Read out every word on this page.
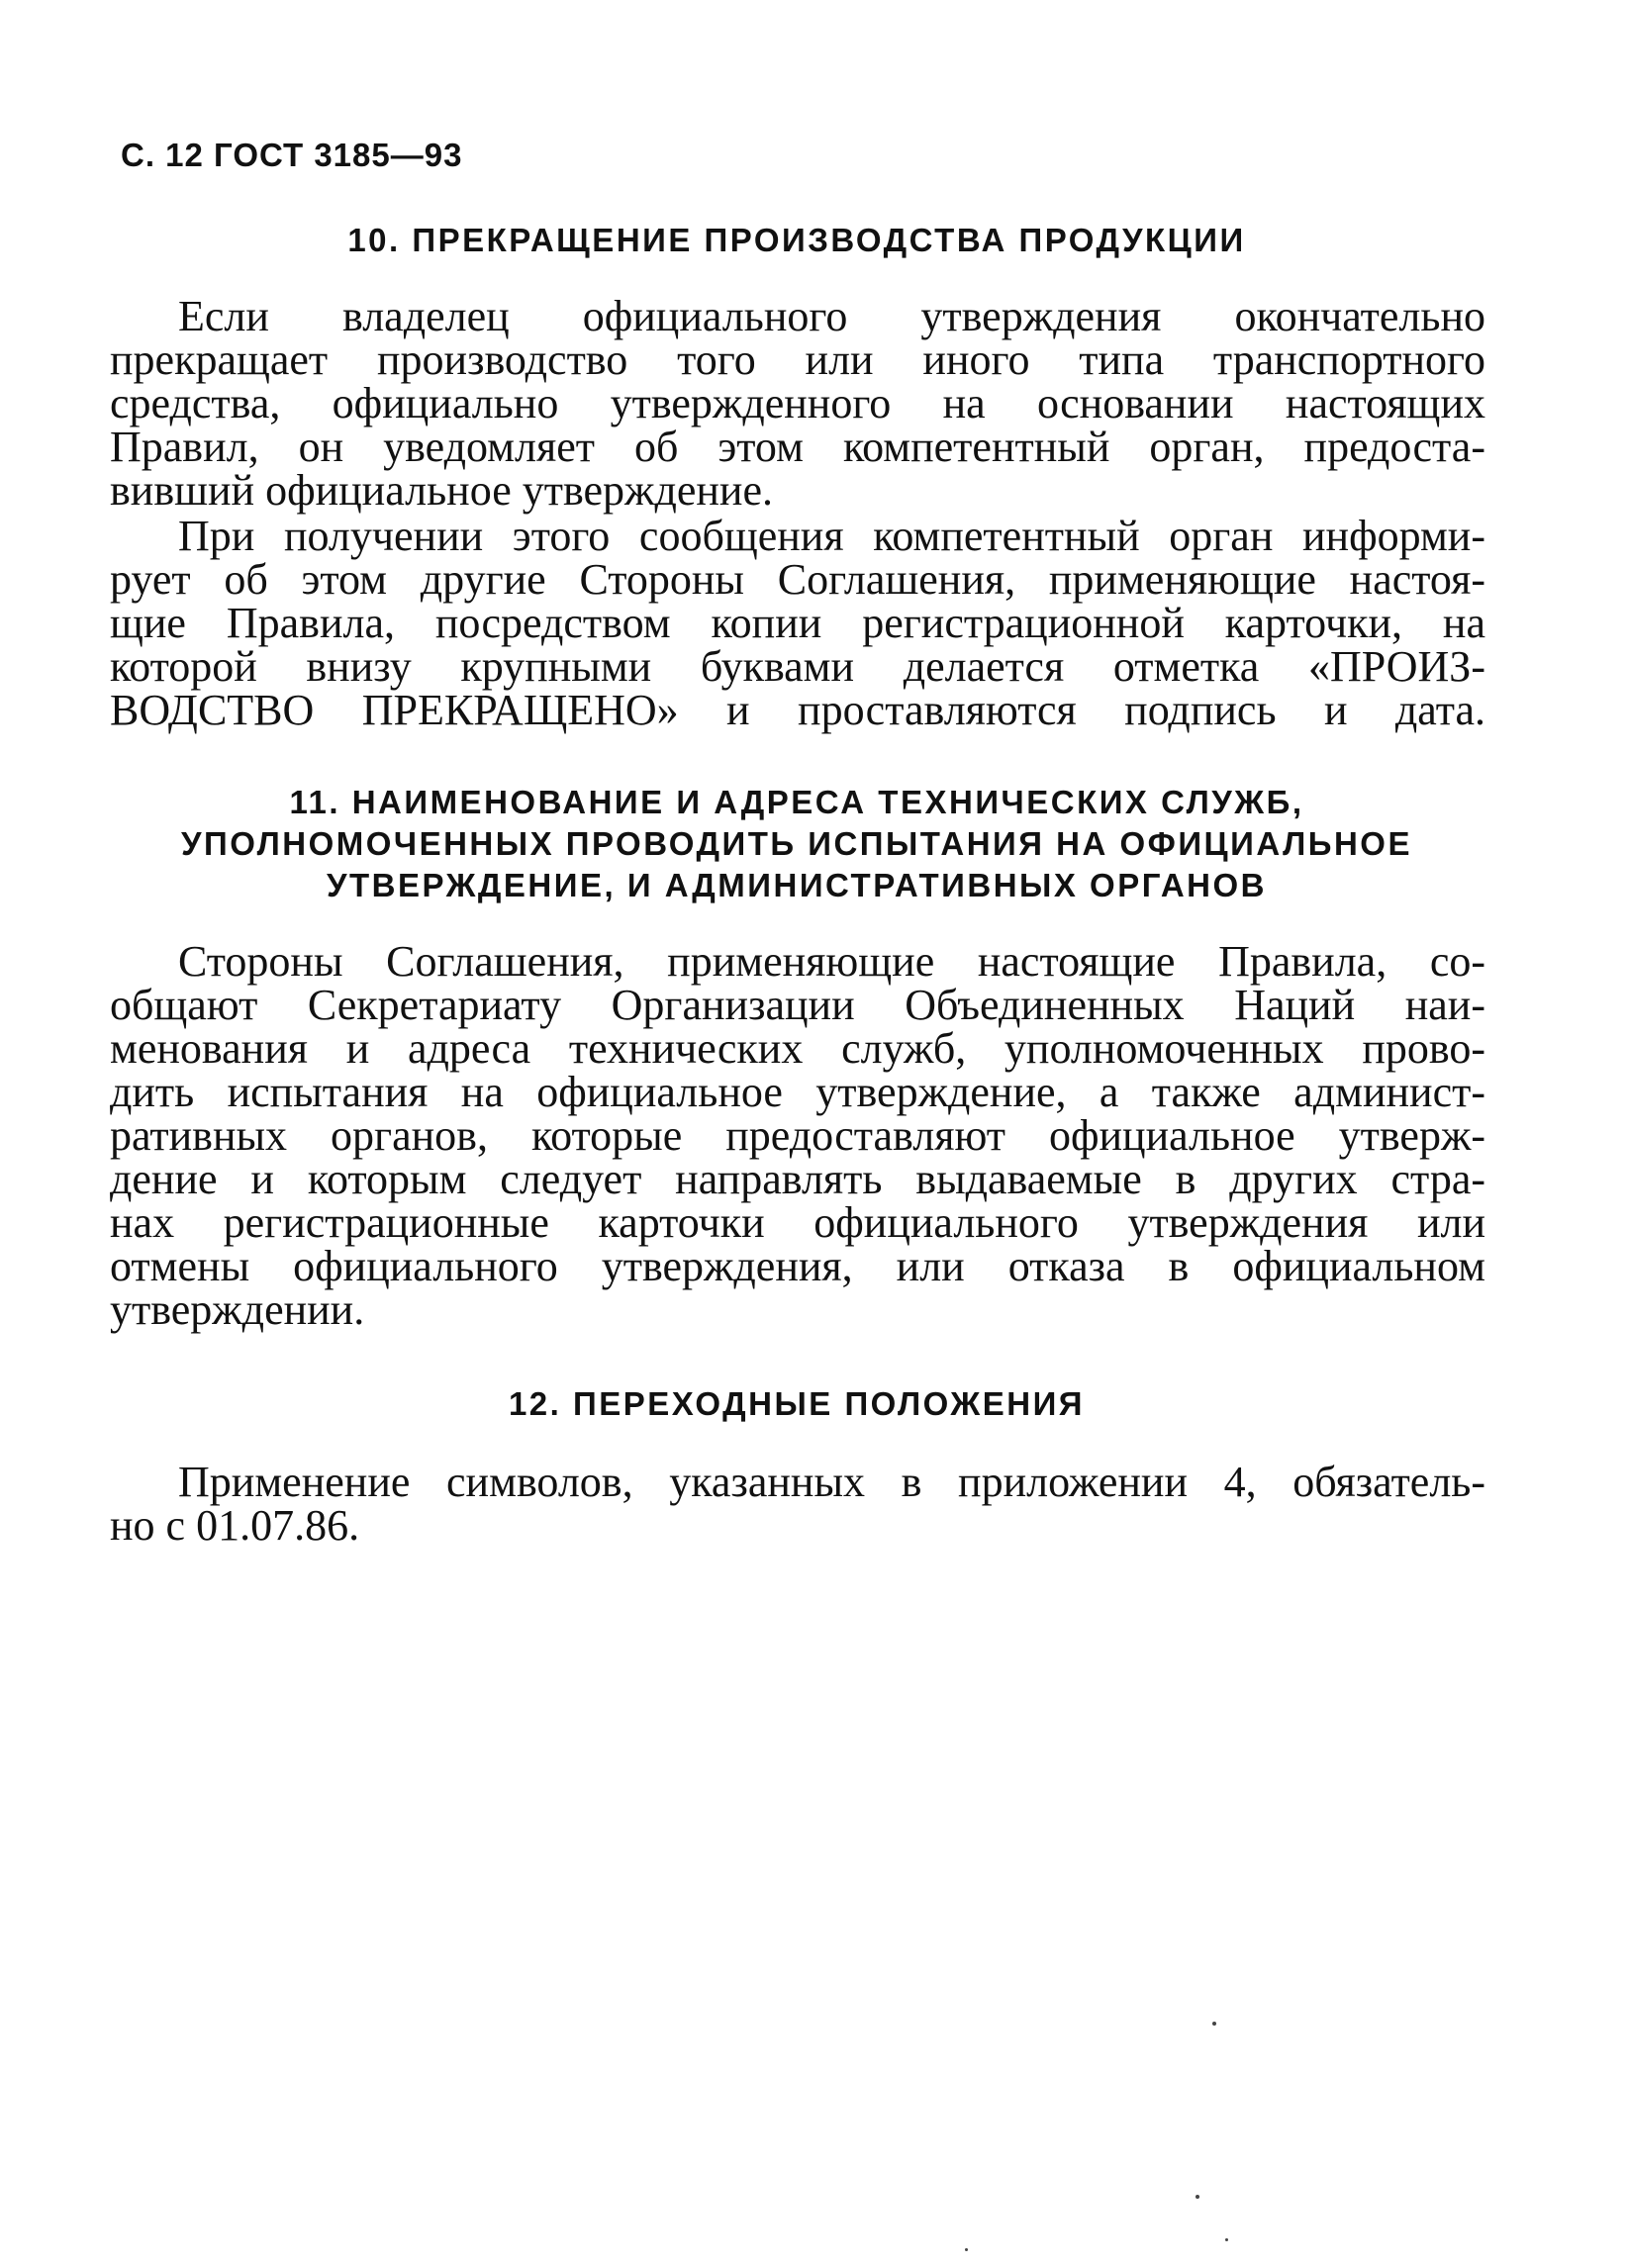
С. 12 ГОСТ 3185—93
10. ПРЕКРАЩЕНИЕ ПРОИЗВОДСТВА ПРОДУКЦИИ
Если владелец официального утверждения окончательно
прекращает производство того или иного типа транспортного
средства, официально утвержденного на основании настоящих
Правил, он уведомляет об этом компетентный орган, предоста-
вивший официальное утверждение.
При получении этого сообщения компетентный орган информи-
рует об этом другие Стороны Соглашения, применяющие настоя-
щие Правила, посредством копии регистрационной карточки, на
которой внизу крупными буквами делается отметка «ПРОИЗ-
ВОДСТВО ПРЕКРАЩЕНО» и проставляются подпись и дата.
11. НАИМЕНОВАНИЕ И АДРЕСА ТЕХНИЧЕСКИХ СЛУЖБ,
УПОЛНОМОЧЕННЫХ ПРОВОДИТЬ ИСПЫТАНИЯ НА ОФИЦИАЛЬНОЕ
УТВЕРЖДЕНИЕ, И АДМИНИСТРАТИВНЫХ ОРГАНОВ
Стороны Соглашения, применяющие настоящие Правила, со-
общают Секретариату Организации Объединенных Наций наи-
менования и адреса технических служб, уполномоченных прово-
дить испытания на официальное утверждение, а также админист-
ративных органов, которые предоставляют официальное утверж-
дение и которым следует направлять выдаваемые в других стра-
нах регистрационные карточки официального утверждения или
отмены официального утверждения, или отказа в официальном
утверждении.
12. ПЕРЕХОДНЫЕ ПОЛОЖЕНИЯ
Применение символов, указанных в приложении 4, обязатель-
но с 01.07.86.
